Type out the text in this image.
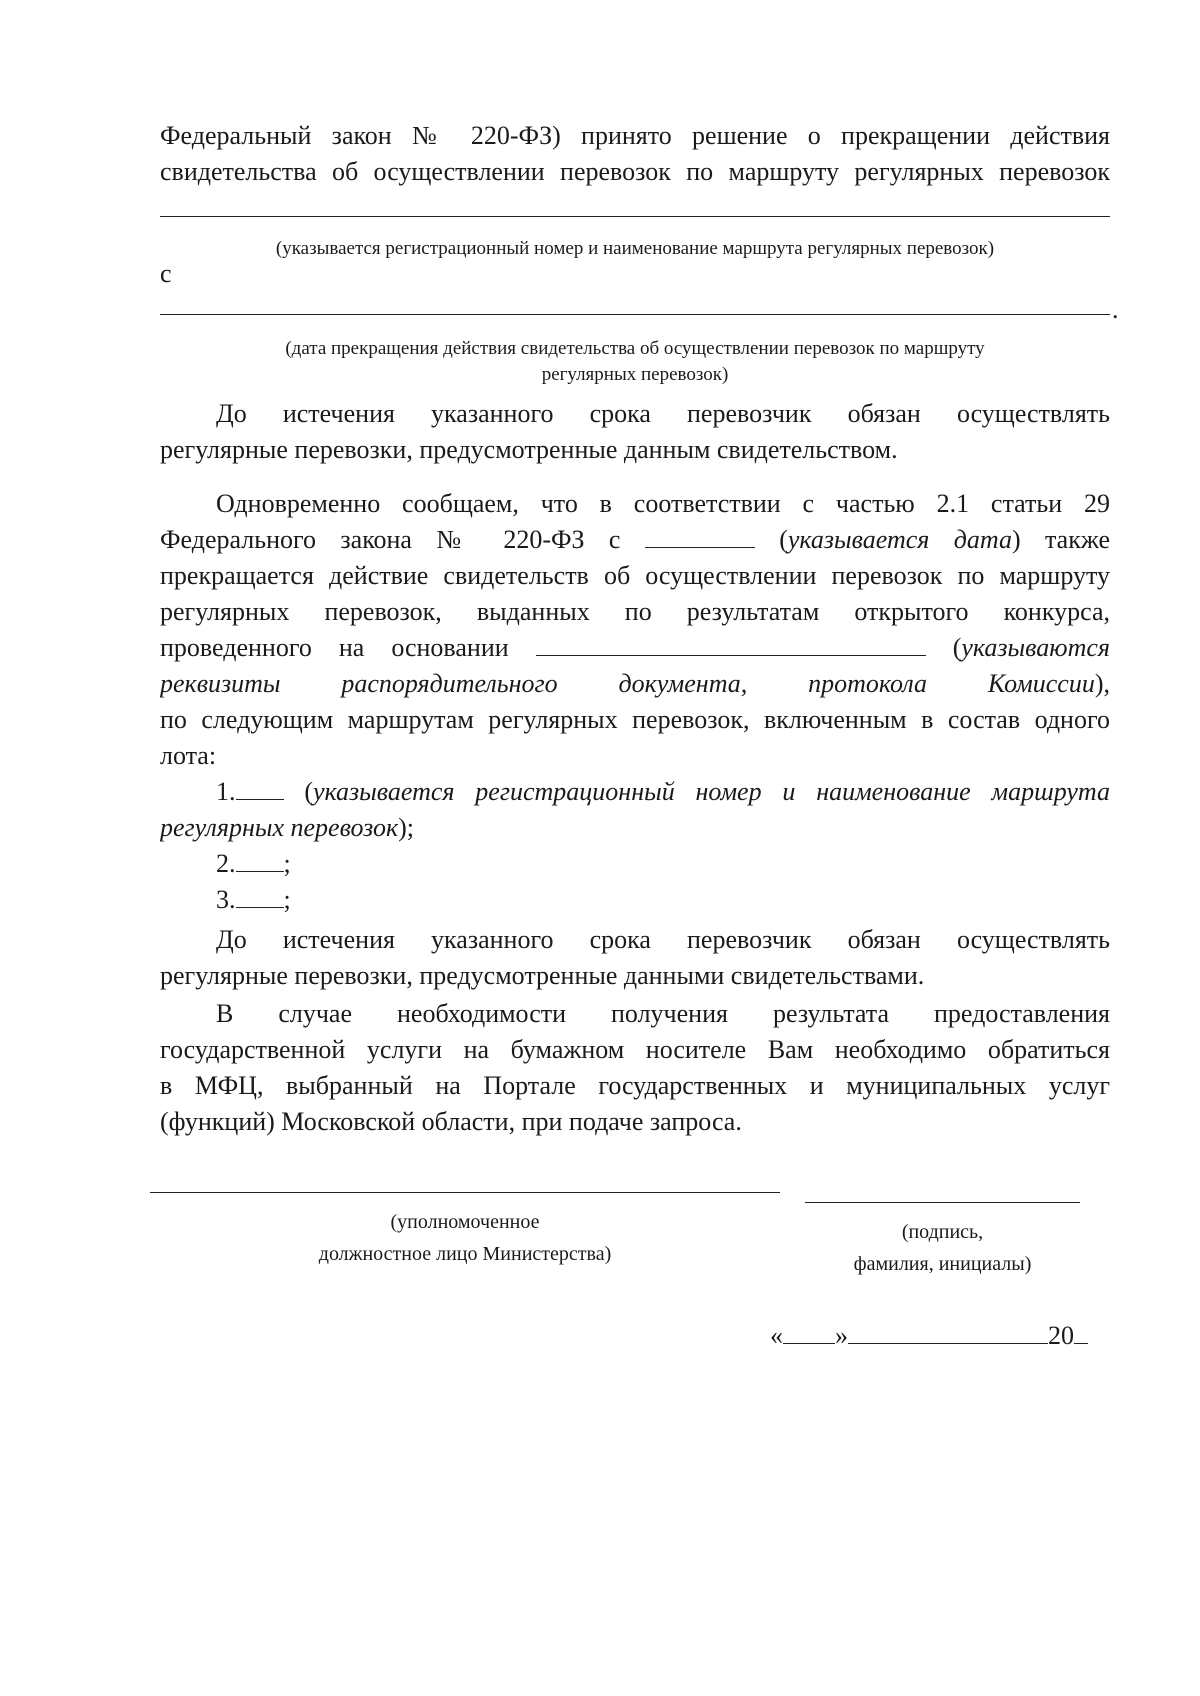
Федеральный закон № 220-ФЗ) принято решение о прекращении действия
свидетельства об осуществлении перевозок по маршруту регулярных перевозок
(указывается регистрационный номер и наименование маршрута регулярных перевозок)
с
.
(дата прекращения действия свидетельства об осуществлении перевозок по маршруту
регулярных перевозок)
До истечения указанного срока перевозчик обязан осуществлять
регулярные перевозки, предусмотренные данным свидетельством.
Одновременно сообщаем, что в соответствии с частью 2.1 статьи 29
Федерального закона № 220-ФЗ с	(указывается дата) также
прекращается действие свидетельств об осуществлении перевозок по маршруту
регулярных перевозок, выданных по результатам открытого конкурса,
проведенного на основании	(указываются
реквизиты распорядительного документа, протокола Комиссии),
по следующим маршрутам регулярных перевозок, включенным в состав одного
лота:
1.	(указывается регистрационный номер и наименование маршрута
регулярных перевозок);
2. ;
3. ;
До истечения указанного срока перевозчик обязан осуществлять
регулярные перевозки, предусмотренные данными свидетельствами.
В случае необходимости получения результата предоставления
государственной услуги на бумажном носителе Вам необходимо обратиться
в МФЦ, выбранный на Портале государственных и муниципальных услуг
(функций) Московской области, при подаче запроса.
(уполномоченное
должностное лицо Министерства)
(подпись,
фамилия, инициалы)
« »	20
